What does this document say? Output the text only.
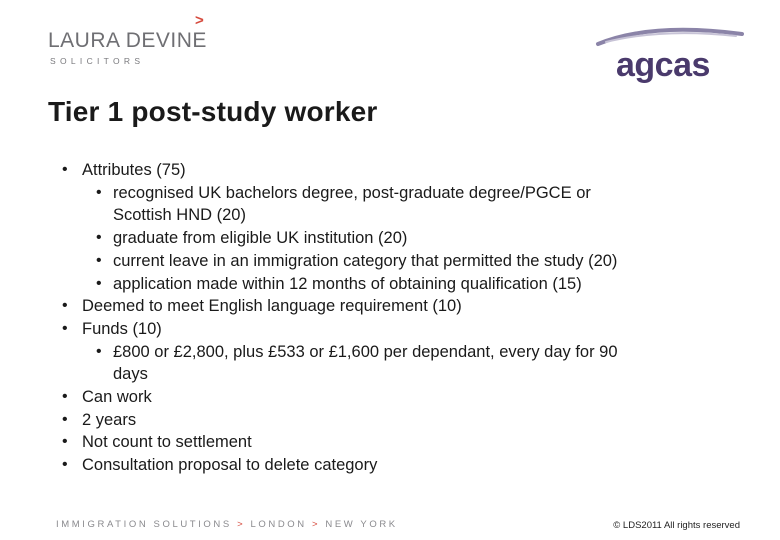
>
LAURA DEVINE
SOLICITORS	agcas
Tier 1 post-study worker
• Attributes (75)
• recognised UK bachelors degree, post-graduate degree/PGCE or
Scottish HND (20)
• graduate from eligible UK institution (20)
• current leave in an immigration category that permitted the study (20)
• application made within 12 months of obtaining qualification (15)
• Deemed to meet English language requirement (10)
• Funds (10)
• £800 or £2,800, plus £533 or £1,600 per dependant, every day for 90
days
• Can work
• 2 years
• Not count to settlement
• Consultation proposal to delete category
IMMIGRATION SOLUTIONS > LONDON > NEW YORK	© LDS2011 All rights reserved
